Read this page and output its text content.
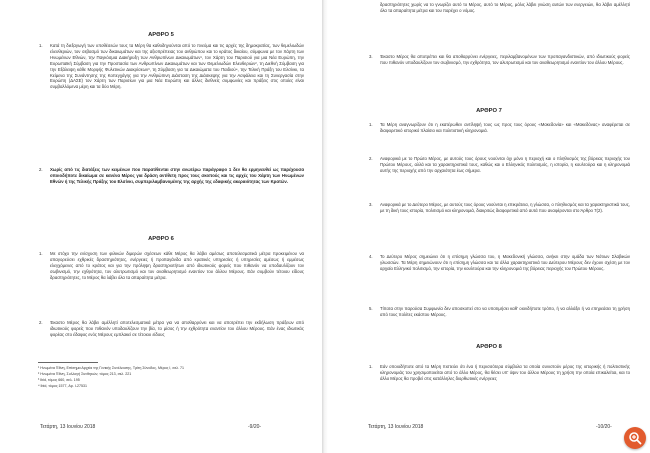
ΑΡΘΡΟ 5
1. Κατά τη διεξαγωγή των υποθέσεών τους τα Μέρη θα καθοδηγούνται από το πνεύμα και τις αρχές της δημοκρατίας, των θεμελιωδών ελευθεριών, τον σεβασμό των δικαιωμάτων και της αξιοπρέπειας του ανθρώπου και το κράτος δικαίου, σύμφωνα με τον Χάρτη των Ηνωμένων Εθνών, την Παγκόσμια Διακήρυξη των Ανθρωπίνων Δικαιωμάτων¹, τον Χάρτη του Παρισιού για μια Νέα Ευρώπη, την Ευρωπαϊκή Σύμβαση για την Προστασία των Ανθρωπίνων Δικαιωμάτων και των Θεμελιωδών Ελευθεριών², τη Διεθνή Σύμβαση για την Εξάλειψη κάθε Μορφής Φυλετικών Διακρίσεων³, τη Σύμβαση για τα Δικαιώματα του Παιδιού⁴, την Τελική Πράξη του Ελσίνκι, τα Κείμενα της Συνάντησης της Κοπεγχάγης για την Ανθρώπινη Διάσταση της Διάσκεψης για την Ασφάλεια και τη Συνεργασία στην Ευρώπη (ΔΑΣΕ) τον Χάρτη των Παρισίων για μια Νέα Ευρώπη και άλλες διεθνείς συμφωνίες και πράξεις στις οποίες είναι συμβαλλόμενα μέρη και τα δύο Μέρη.

2. Χωρίς από τις διατάξεις των κειμένων που παρατίθενται στην ανωτέρω παράγραφο 1 δεν θα ερμηνευθεί ως παρέχουσα οποιοδήποτε δικαίωμα σε κανένα Μέρος για δράση αντίθετη προς τους σκοπούς και τις αρχές του Χάρτη των Ηνωμένων Εθνών ή της Τελικής Πράξης του Ελσίνκι, συμπεριλαμβανομένης της αρχής της εδαφικής ακεραιότητας των Κρατών.

ΑΡΘΡΟ 6
1. Με στόχο την ενίσχυση των φιλικών διμερών σχέσεων κάθε Μέρος θα λάβει αμέσως αποτελεσματικά μέτρα προκειμένου να απαγορεύσει εχθρικές δραστηριότητες, ενέργειες ή προπαγάνδα από κρατικές υπηρεσίες ή υπηρεσίες αμέσως ή εμμέσως ελεγχόμενες από το κράτος και για την πρόληψη δραστηριοτήτων από ιδιωτικούς φορείς που πιθανόν να υποδαυλίζουν τον σωβινισμό, την εχθρότητα, τον αλυτρωτισμό και τον αναθεωρητισμό εναντίον του άλλου Μέρους. Εάν συμβούν τέτοιου είδους δραστηριότητες, το Μέρος θα λάβει όλα τα απαραίτητα μέτρα.

2. Έκαστο Μέρος θα λάβει αμέλλητί αποτελεσματικά μέτρα για να αποθαρρύνει και να αποτρέπει την εκδήλωση πράξεων από ιδιωτικούς φορείς που πιθανόν υποδαυλίζουν την βία, το μίσος ή την εχθρότητα εναντίον του άλλου Μέρους. Εάν ένας ιδιωτικός φορέας στο έδαφος ενός Μέρους εμπλακεί σε τέτοιου είδους

¹ Ηνωμένα Έθνη, Επίσημα Αρχεία της Γενικής Συνέλευσης, Τρίτη Σύνοδος, Μέρος Ι, σελ. 71
² Ηνωμένα Έθνη, Συλλογή Συνθηκών, τόμος 213, σελ. 221
³ Ibid, τόμος 660, σελ. 195
⁴ Ibid, τόμος 1577, Αρ. Ι-27531
Τετάρτη, 13 Ιουνίου 2018	-9/20-

δραστηριότητες χωρίς να το γνωρίζει αυτό το Μέρος, αυτό το Μέρος, μόλις λάβει γνώση αυτών των ενεργειών, θα λάβει αμέλλητί όλα τα απαραίτητα μέτρα και του παρέχει ο νόμος.

3. Έκαστο Μέρος θα αποτρέπει και θα αποθαρρύνει ενέργειες, περιλαμβανομένων των προπαγανδιστικών, από ιδιωτικούς φορείς που πιθανόν υποδαυλίζουν τον σωβινισμό, την εχθρότητα, τον αλυτρωτισμό και τον αναθεωρητισμό εναντίον του άλλου Μέρους.

ΑΡΘΡΟ 7
1. Τα Μέρη αναγνωρίζουν ότι η εκατέρωθεν αντίληψή τους ως προς τους όρους «Μακεδονία» και «Μακεδόνας» αναφέρεται σε διαφορετικό ιστορικό πλαίσιο και πολιτιστική κληρονομιά.

2. Αναφορικά με το Πρώτο Μέρος, με αυτούς τους όρους νοούνται όχι μόνο η περιοχή και ο πληθυσμός της βόρειας περιοχής του Πρώτου Μέρους, αλλά και τα χαρακτηριστικά τους, καθώς και ο Ελληνικός πολιτισμός, η ιστορία, η κουλτούρα και η κληρονομιά αυτής της περιοχής από την αρχαιότητα έως σήμερα.

3. Αναφορικά με το Δεύτερο Μέρος, με αυτούς τους όρους νοούνται η επικράτεια, η γλώσσα, ο πληθυσμός και τα χαρακτηριστικά τους, με τη δική τους ιστορία, πολιτισμό και κληρονομιά, διακριτώς διαφορετικά από αυτά που αναφέρονται στο Άρθρο 7(2).

4. Το Δεύτερο Μέρος σημειώνει ότι η επίσημη γλώσσα του, η Μακεδονική γλώσσα, ανήκει στην ομάδα των Νότιων Σλαβικών γλωσσών. Τα Μέρη σημειώνουν ότι η επίσημη γλώσσα και τα άλλα χαρακτηριστικά του Δεύτερου Μέρους δεν έχουν σχέση με τον αρχαίο Ελληνικό πολιτισμό, την ιστορία, την κουλτούρα και την κληρονομιά της βόρειας περιοχής του Πρώτου Μέρους.

5. Τίποτα στην παρούσα Συμφωνία δεν αποσκοπεί στο να υποτιμήσει καθ' οιονδήποτε τρόπο, ή να αλλάξει ή να επηρεάσει τη χρήση από τους πολίτες εκάστου Μέρους.

ΑΡΘΡΟ 8
1. Εάν οποιοδήποτε από τα Μέρη πιστεύει ότι ένα ή περισσότερα σύμβολα τα οποία συνιστούν μέρος της ιστορικής ή πολιτιστικής κληρονομιάς του χρησιμοποιείται από το άλλο Μέρος, θα θέσει υπ' όψιν του άλλου Μέρους τη χρήση την οποία επικαλείται, και το άλλο Μέρος θα προβεί στις κατάλληλες διορθωτικές ενέργειες

Τετάρτη, 13 Ιουνίου 2018	-10/20-
